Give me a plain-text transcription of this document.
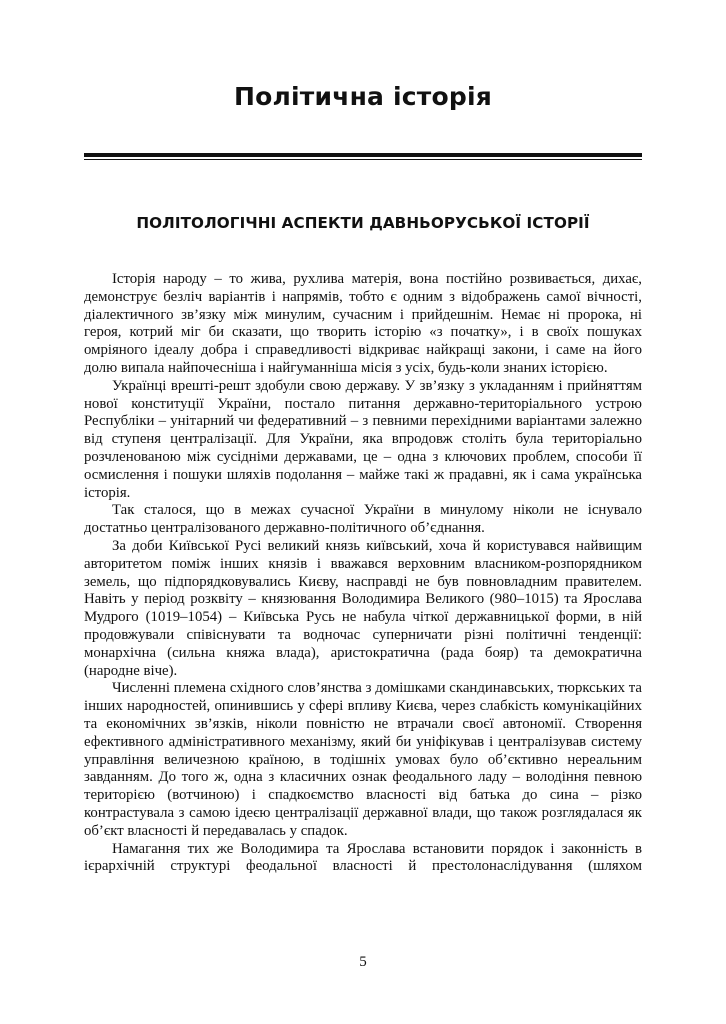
Політична історія
ПОЛІТОЛОГІЧНІ АСПЕКТИ ДАВНЬОРУСЬКОЇ ІСТОРІЇ

Історія народу – то жива, рухлива матерія, вона постійно розвивається, дихає, демонструє безліч варіантів і напрямів, тобто є одним з відображень самої вічності, діалектичного зв’язку між минулим, сучасним і прийдешнім. Немає ні пророка, ні героя, котрий міг би сказати, що творить історію «з початку», і в своїх пошуках омріяного ідеалу добра і справедливості відкриває найкращі закони, і саме на його долю випала найпочесніша і найгуманніша місія з усіх, будь-коли знаних історією.

Українці врешті-решт здобули свою державу. У зв’язку з укладанням і прийняттям нової конституції України, постало питання державно-територіального устрою Республіки – унітарний чи федеративний – з певними перехідними варіантами залежно від ступеня централізації. Для України, яка впродовж століть була територіально розчленованою між сусідніми державами, це – одна з ключових проблем, способи її осмислення і пошуки шляхів подолання – майже такі ж прадавні, як і сама українська історія.

Так сталося, що в межах сучасної України в минулому ніколи не існувало достатньо централізованого державно-політичного об’єднання.

За доби Київської Русі великий князь київський, хоча й користувався найвищим авторитетом поміж інших князів і вважався верховним власником-розпорядником земель, що підпорядковувались Києву, насправді не був повновладним правителем. Навіть у період розквіту – князювання Володимира Великого (980–1015) та Ярослава Мудрого (1019–1054) – Київська Русь не набула чіткої державницької форми, в ній продовжували співіснувати та водночас суперничати різні політичні тенденції: монархічна (сильна княжа влада), аристократична (рада бояр) та демократична (народне віче).

Численні племена східного слов’янства з домішками скандинавських, тюркських та інших народностей, опинившись у сфері впливу Києва, через слабкість комунікаційних та економічних зв’язків, ніколи повністю не втрачали своєї автономії. Створення ефективного адміністративного механізму, який би уніфікував і централізував систему управління величезною країною, в тодішніх умовах було об’єктивно нереальним завданням. До того ж, одна з класичних ознак феодального ладу – володіння певною територією (вотчиною) і спадкоємство власності від батька до сина – різко контрастувала з самою ідеєю централізації державної влади, що також розглядалася як об’єкт власності й передавалась у спадок.

Намагання тих же Володимира та Ярослава встановити порядок і законність в ієрархічній структурі феодальної власності й престолонаслідування (шляхом

5
